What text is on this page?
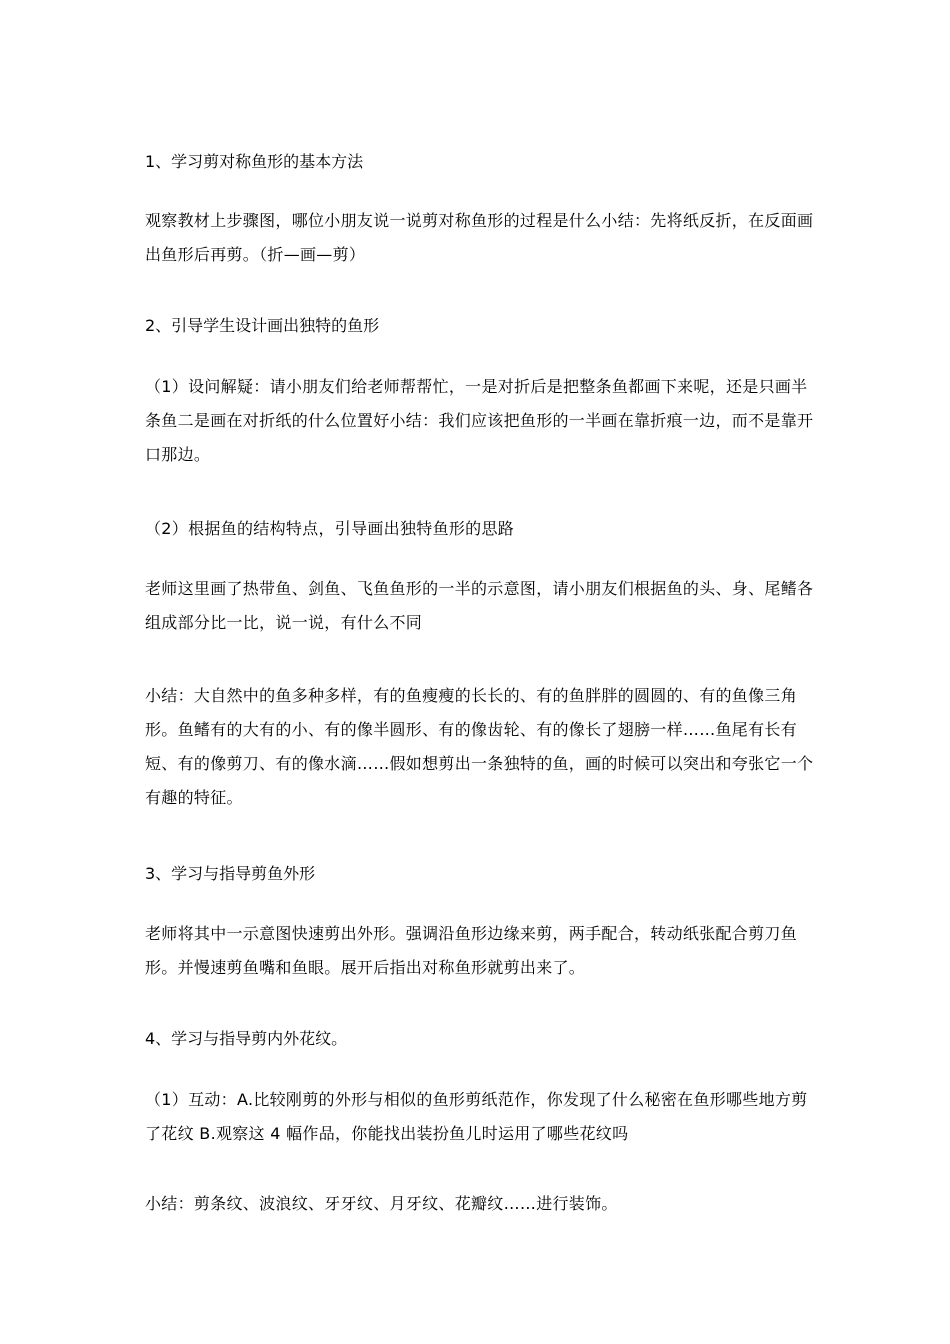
1、学习剪对称鱼形的基本方法
观察教材上步骤图，哪位小朋友说一说剪对称鱼形的过程是什么小结：先将纸反折，在反面画出鱼形后再剪。（折—画—剪）
2、引导学生设计画出独特的鱼形
（1）设问解疑：请小朋友们给老师帮帮忙，一是对折后是把整条鱼都画下来呢，还是只画半条鱼二是画在对折纸的什么位置好小结：我们应该把鱼形的一半画在靠折痕一边，而不是靠开口那边。
（2）根据鱼的结构特点，引导画出独特鱼形的思路
老师这里画了热带鱼、剑鱼、飞鱼鱼形的一半的示意图，请小朋友们根据鱼的头、身、尾鳍各组成部分比一比，说一说，有什么不同
小结：大自然中的鱼多种多样，有的鱼瘦瘦的长长的、有的鱼胖胖的圆圆的、有的鱼像三角形。鱼鳍有的大有的小、有的像半圆形、有的像齿轮、有的像长了翅膀一样……鱼尾有长有短、有的像剪刀、有的像水滴……假如想剪出一条独特的鱼，画的时候可以突出和夸张它一个有趣的特征。
3、学习与指导剪鱼外形
老师将其中一示意图快速剪出外形。强调沿鱼形边缘来剪，两手配合，转动纸张配合剪刀鱼形。并慢速剪鱼嘴和鱼眼。展开后指出对称鱼形就剪出来了。
4、学习与指导剪内外花纹。
（1）互动：A.比较刚剪的外形与相似的鱼形剪纸范作，你发现了什么秘密在鱼形哪些地方剪了花纹 B.观察这 4 幅作品，你能找出装扮鱼儿时运用了哪些花纹吗
小结：剪条纹、波浪纹、牙牙纹、月牙纹、花瓣纹……进行装饰。
